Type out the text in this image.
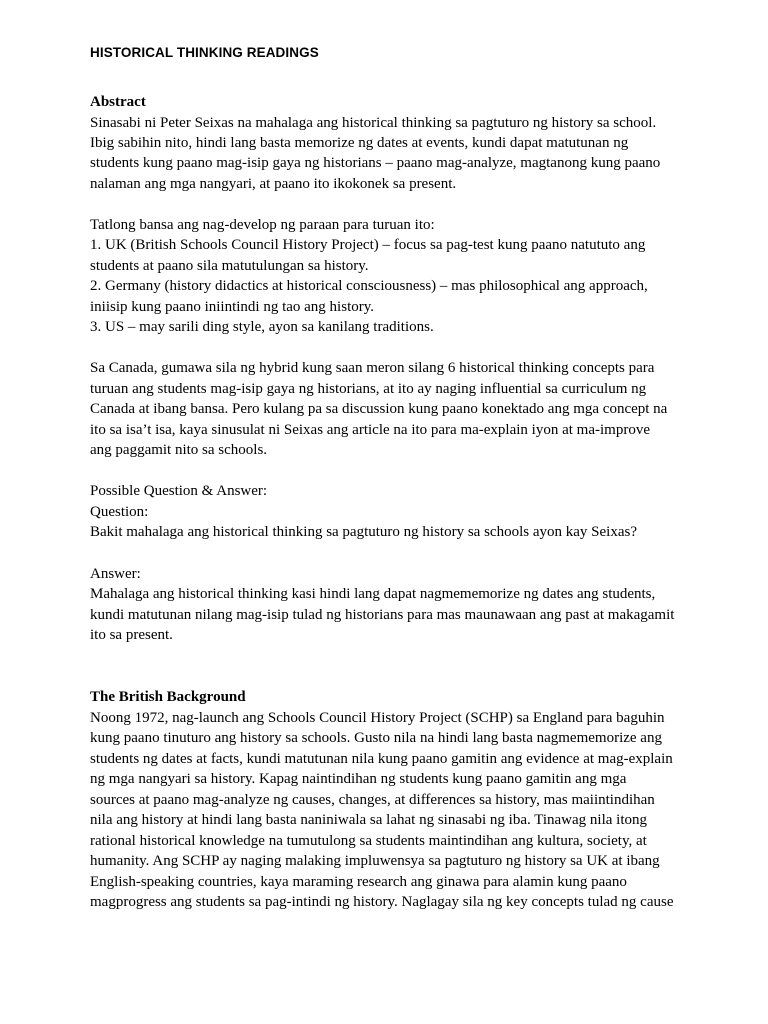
HISTORICAL THINKING READINGS
Abstract
Sinasabi ni Peter Seixas na mahalaga ang historical thinking sa pagtuturo ng history sa school.
Ibig sabihin nito, hindi lang basta memorize ng dates at events, kundi dapat matutunan ng
students kung paano mag-isip gaya ng historians – paano mag-analyze, magtanong kung paano
nalaman ang mga nangyari, at paano ito ikokonek sa present.
Tatlong bansa ang nag-develop ng paraan para turuan ito:
1. UK (British Schools Council History Project) – focus sa pag-test kung paano natututo ang
students at paano sila matutulungan sa history.
2. Germany (history didactics at historical consciousness) – mas philosophical ang approach,
iniisip kung paano iniintindi ng tao ang history.
3. US – may sarili ding style, ayon sa kanilang traditions.
Sa Canada, gumawa sila ng hybrid kung saan meron silang 6 historical thinking concepts para
turuan ang students mag-isip gaya ng historians, at ito ay naging influential sa curriculum ng
Canada at ibang bansa. Pero kulang pa sa discussion kung paano konektado ang mga concept na
ito sa isa’t isa, kaya sinusulat ni Seixas ang article na ito para ma-explain iyon at ma-improve
ang paggamit nito sa schools.
Possible Question & Answer:
Question:
Bakit mahalaga ang historical thinking sa pagtuturo ng history sa schools ayon kay Seixas?
Answer:
Mahalaga ang historical thinking kasi hindi lang dapat nagmememorize ng dates ang students,
kundi matutunan nilang mag-isip tulad ng historians para mas maunawaan ang past at makagamit
ito sa present.
The British Background
Noong 1972, nag-launch ang Schools Council History Project (SCHP) sa England para baguhin
kung paano tinuturo ang history sa schools. Gusto nila na hindi lang basta nagmememorize ang
students ng dates at facts, kundi matutunan nila kung paano gamitin ang evidence at mag-explain
ng mga nangyari sa history. Kapag naintindihan ng students kung paano gamitin ang mga
sources at paano mag-analyze ng causes, changes, at differences sa history, mas maiintindihan
nila ang history at hindi lang basta naniniwala sa lahat ng sinasabi ng iba. Tinawag nila itong
rational historical knowledge na tumutulong sa students maintindihan ang kultura, society, at
humanity. Ang SCHP ay naging malaking impluwensya sa pagtuturo ng history sa UK at ibang
English-speaking countries, kaya maraming research ang ginawa para alamin kung paano
magprogress ang students sa pag-intindi ng history. Naglagay sila ng key concepts tulad ng cause
